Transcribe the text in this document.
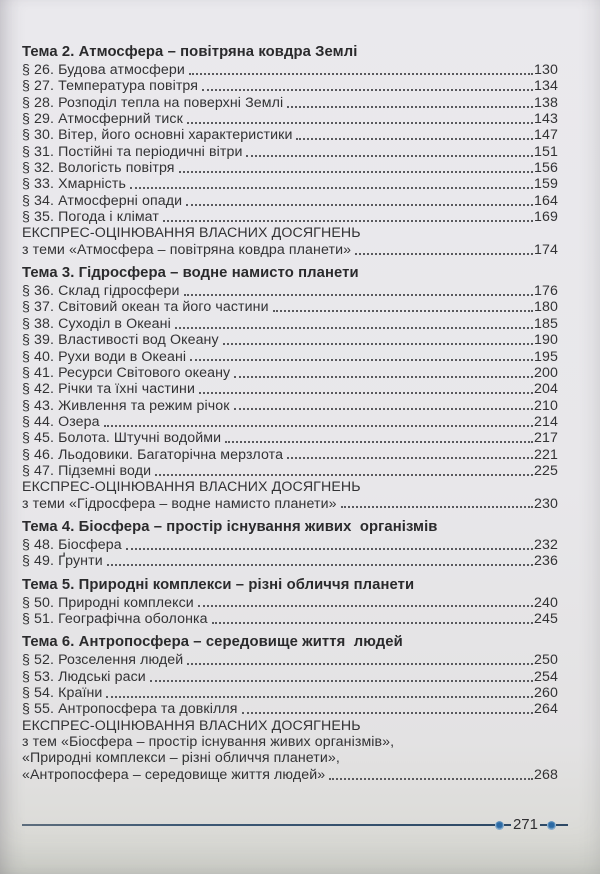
Тема 2. Атмосфера – повітряна ковдра Землі
§ 26. Будова атмосфери	130
§ 27. Температура повітря	134
§ 28. Розподіл тепла на поверхні Землі	138
§ 29. Атмосферний тиск	143
§ 30. Вітер, його основні характеристики	147
§ 31. Постійні та періодичні вітри	151
§ 32. Вологість повітря	156
§ 33. Хмарність	159
§ 34. Атмосферні опади	164
§ 35. Погода і клімат	169
ЕКСПРЕС-ОЦІНЮВАННЯ ВЛАСНИХ ДОСЯГНЕНЬ
з теми «Атмосфера – повітряна ковдра планети»	174
Тема 3. Гідросфера – водне намисто планети
§ 36. Склад гідросфери	176
§ 37. Світовий океан та його частини	180
§ 38. Суходіл в Океані	185
§ 39. Властивості вод Океану	190
§ 40. Рухи води в Океані	195
§ 41. Ресурси Світового океану	200
§ 42. Річки та їхні частини	204
§ 43. Живлення та режим річок	210
§ 44. Озера	214
§ 45. Болота. Штучні водойми	217
§ 46. Льодовики. Багаторічна мерзлота	221
§ 47. Підземні води	225
ЕКСПРЕС-ОЦІНЮВАННЯ ВЛАСНИХ ДОСЯГНЕНЬ
з теми «Гідросфера – водне намисто планети»	230
Тема 4. Біосфера – простір існування живих  організмів
§ 48. Біосфера	232
§ 49. Ґрунти	236
Тема 5. Природні комплекси – різні обличчя планети
§ 50. Природні комплекси	240
§ 51. Географічна оболонка	245
Тема 6. Антропосфера – середовище життя  людей
§ 52. Розселення людей	250
§ 53. Людські раси	254
§ 54. Країни	260
§ 55. Антропосфера та довкілля	264
ЕКСПРЕС-ОЦІНЮВАННЯ ВЛАСНИХ ДОСЯГНЕНЬ
з тем «Біосфера – простір існування живих організмів»,
«Природні комплекси – різні обличчя планети»,
«Антропосфера – середовище життя людей»	268
271
